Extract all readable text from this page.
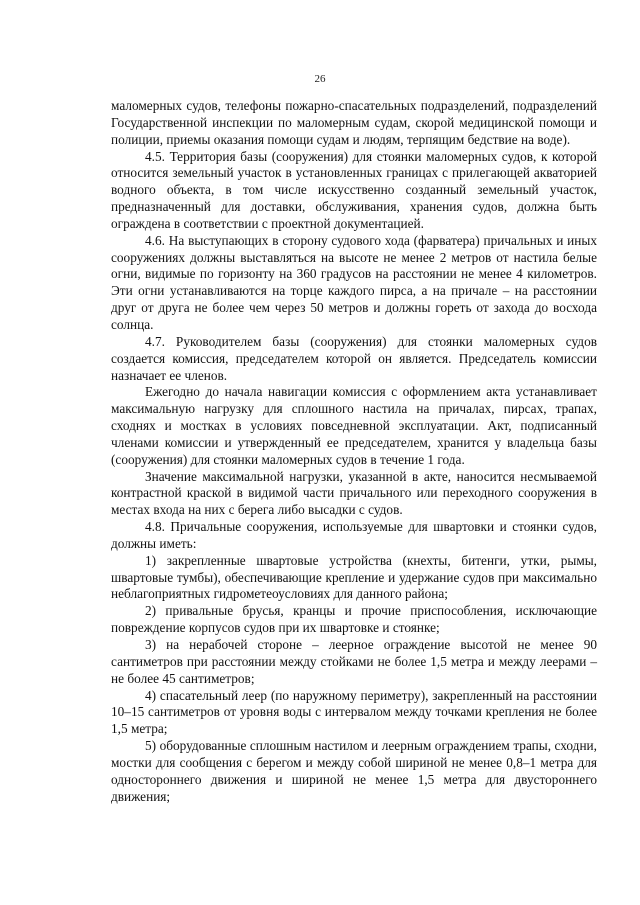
26

маломерных судов, телефоны пожарно-спасательных подразделений, подразделений Государственной инспекции по маломерным судам, скорой медицинской помощи и полиции, приемы оказания помощи судам и людям, терпящим бедствие на воде).

4.5. Территория базы (сооружения) для стоянки маломерных судов, к которой относится земельный участок в установленных границах с прилегающей акваторией водного объекта, в том числе искусственно созданный земельный участок, предназначенный для доставки, обслуживания, хранения судов, должна быть ограждена в соответствии с проектной документацией.

4.6. На выступающих в сторону судового хода (фарватера) причальных и иных сооружениях должны выставляться на высоте не менее 2 метров от настила белые огни, видимые по горизонту на 360 градусов на расстоянии не менее 4 километров. Эти огни устанавливаются на торце каждого пирса, а на причале – на расстоянии друг от друга не более чем через 50 метров и должны гореть от захода до восхода солнца.

4.7. Руководителем базы (сооружения) для стоянки маломерных судов создается комиссия, председателем которой он является. Председатель комиссии назначает ее членов.

Ежегодно до начала навигации комиссия с оформлением акта устанавливает максимальную нагрузку для сплошного настила на причалах, пирсах, трапах, сходнях и мостках в условиях повседневной эксплуатации. Акт, подписанный членами комиссии и утвержденный ее председателем, хранится у владельца базы (сооружения) для стоянки маломерных судов в течение 1 года.

Значение максимальной нагрузки, указанной в акте, наносится несмываемой контрастной краской в видимой части причального или переходного сооружения в местах входа на них с берега либо высадки с судов.

4.8. Причальные сооружения, используемые для швартовки и стоянки судов, должны иметь:

1) закрепленные швартовые устройства (кнехты, битенги, утки, рымы, швартовые тумбы), обеспечивающие крепление и удержание судов при максимально неблагоприятных гидрометеоусловиях для данного района;

2) привальные брусья, кранцы и прочие приспособления, исключающие повреждение корпусов судов при их швартовке и стоянке;

3) на нерабочей стороне – леерное ограждение высотой не менее 90 сантиметров при расстоянии между стойками не более 1,5 метра и между леерами – не более 45 сантиметров;

4) спасательный леер (по наружному периметру), закрепленный на расстоянии 10–15 сантиметров от уровня воды с интервалом между точками крепления не более 1,5 метра;

5) оборудованные сплошным настилом и леерным ограждением трапы, сходни, мостки для сообщения с берегом и между собой шириной не менее 0,8–1 метра для одностороннего движения и шириной не менее 1,5 метра для двустороннего движения;
